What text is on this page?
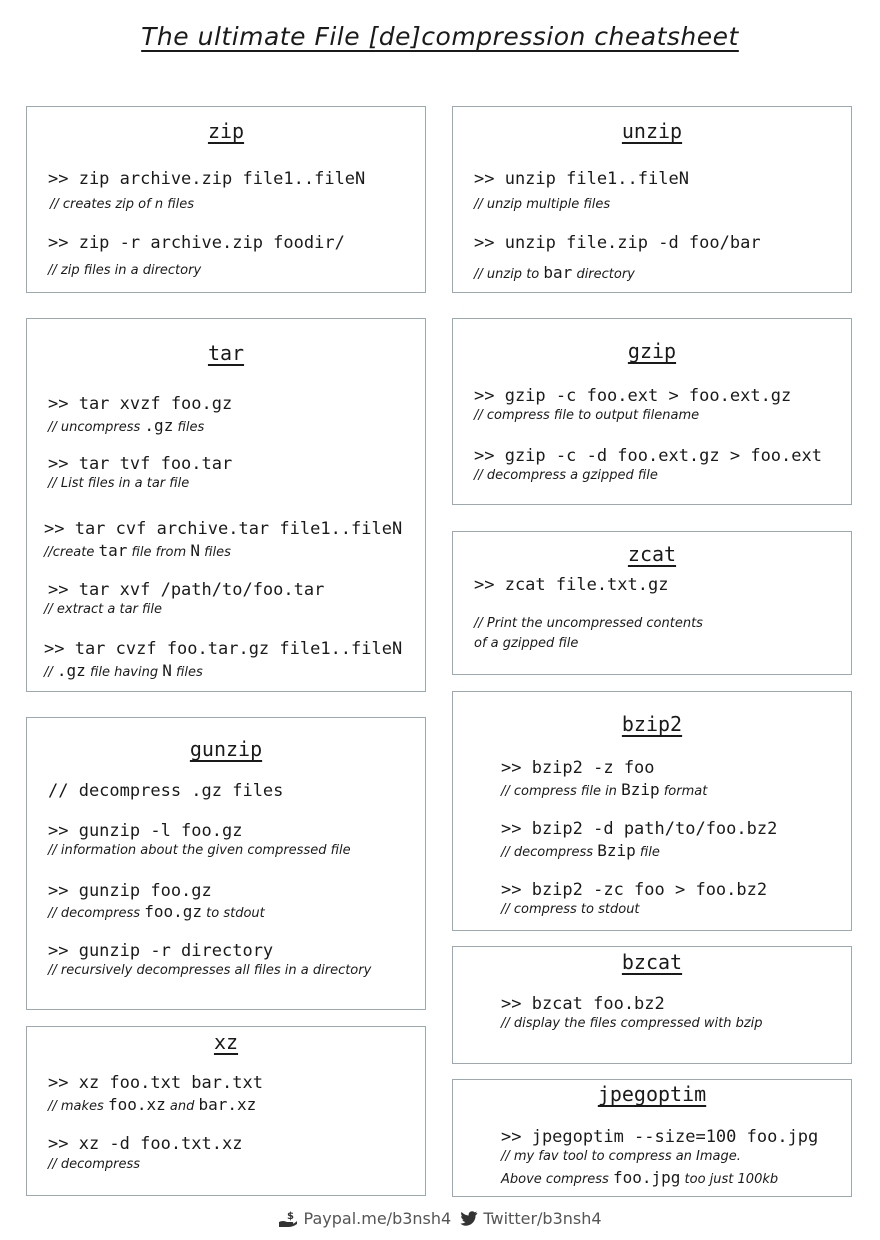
The ultimate File [de]compression cheatsheet
zip
>> zip archive.zip file1..fileN
// creates zip of n files
>> zip -r archive.zip foodir/
// zip files in a directory
unzip
>> unzip file1..fileN
// unzip multiple files
>> unzip file.zip -d foo/bar
// unzip to bar directory
tar
>> tar xvzf foo.gz
// uncompress .gz files
>> tar tvf foo.tar
// List files in a tar file
>> tar cvf archive.tar file1..fileN
//create tar file from N files
>> tar xvf /path/to/foo.tar
// extract a tar file
>> tar cvzf foo.tar.gz file1..fileN
// .gz file having N files
gzip
>> gzip -c foo.ext > foo.ext.gz
// compress file to output filename
>> gzip -c -d foo.ext.gz > foo.ext
// decompress a gzipped file
zcat
>> zcat file.txt.gz
// Print the uncompressed contents
of a gzipped file
gunzip
// decompress .gz files
>> gunzip -l foo.gz
// information about the given compressed file
>> gunzip foo.gz
// decompress foo.gz to stdout
>> gunzip -r directory
// recursively decompresses all files in a directory
bzip2
>> bzip2 -z foo
// compress file in Bzip format
>> bzip2 -d path/to/foo.bz2
// decompress Bzip file
>> bzip2 -zc foo > foo.bz2
// compress to stdout
bzcat
>> bzcat foo.bz2
// display the files compressed with bzip
xz
>> xz foo.txt bar.txt
// makes foo.xz and bar.xz
>> xz -d foo.txt.xz
// decompress
jpegoptim
>> jpegoptim --size=100 foo.jpg
// my fav tool to compress an Image.
Above compress foo.jpg too just 100kb
$ Paypal.me/b3nsh4 Twitter/b3nsh4
